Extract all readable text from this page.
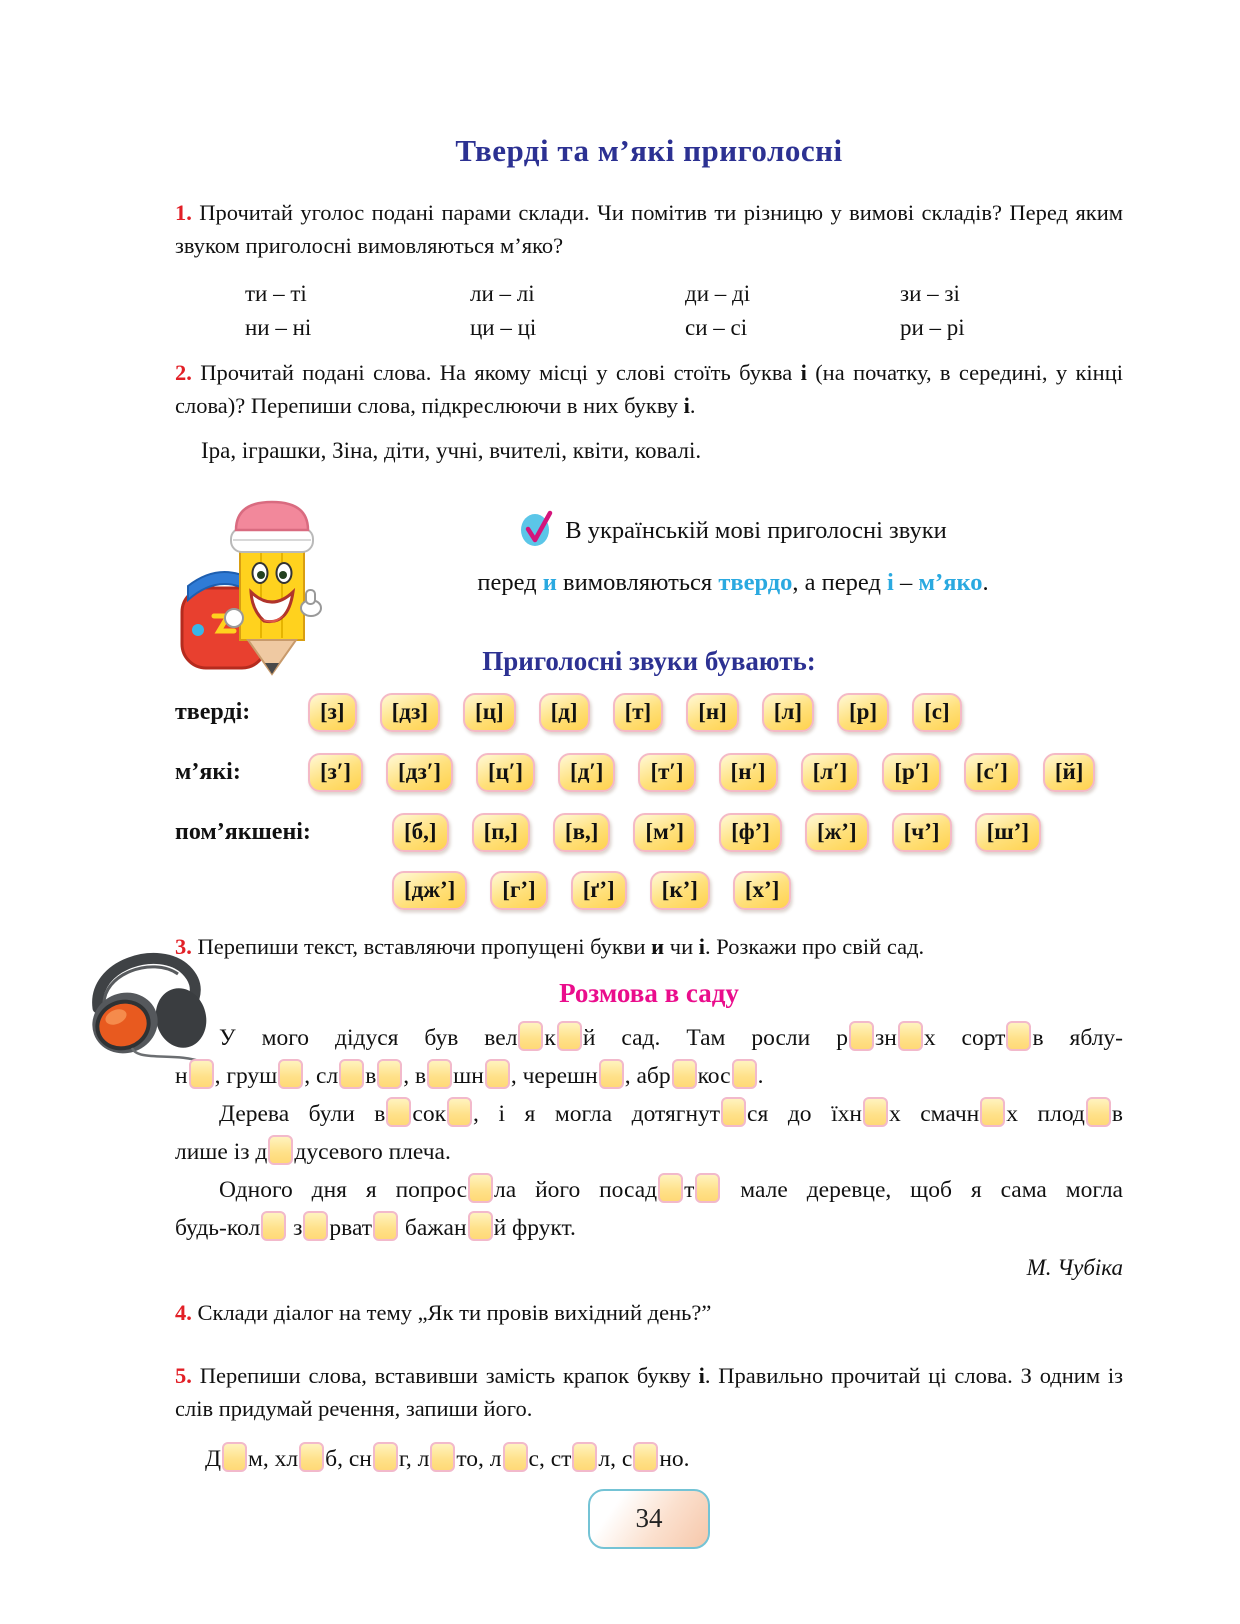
Тверді та м’які приголосні

1. Прочитай уголос подані парами склади. Чи помітив ти різницю у вимові складів? Перед яким звуком приголосні вимовляються м’яко?

ти – ті	ли – лі	ди – ді	зи – зі
ни – ні	ци – ці	си – сі	ри – рі

2. Прочитай подані слова. На якому місці у слові стоїть буква і (на початку, в середині, у кінці слова)? Перепиши слова, підкреслюючи в них букву і.

Іра, іграшки, Зіна, діти, учні, вчителі, квіти, ковалі.
В українській мові приголосні звуки
перед и вимовляються твердо, а перед і – м’яко.
Приголосні звуки бувають:
тверді:	[з]	[дз]	[ц]	[д]	[т]	[н]	[л]	[р]	[с]
м’які:	[з′]	[дз′]	[ц′]	[д′]	[т′]	[н′]	[л′]	[р′]	[с′]	[й]
пом’якшені:	[б,]	[п,]	[в,]	[м’]	[ф’]	[ж’]	[ч’]	[ш’]
[дж’]	[г’]	[ґ’]	[к’]	[х’]

3. Перепиши текст, вставляючи пропущені букви и чи і. Розкажи про свій сад.

Розмова в саду
У мого дідуся був вел к й сад. Там росли р зн х сорт в яблу-
н , груш , сл в , в шн , черешн , абр кос .
Дерева були в сок , і я могла дотягнут ся до їхн х смачн х плод в
лише із д дусевого плеча.
Одного дня я попрос ла його посад т мале деревце, щоб я сама могла
будь-кол з рват бажан й фрукт.
М. Чубіка

4. Склади діалог на тему „Як ти провів вихідний день?”

5. Перепиши слова, вставивши замість крапок букву і. Правильно прочитай ці слова. З одним із слів придумай речення, запиши його.

Д м, хл б, сн г, л то, л с, ст л, с но.
34
